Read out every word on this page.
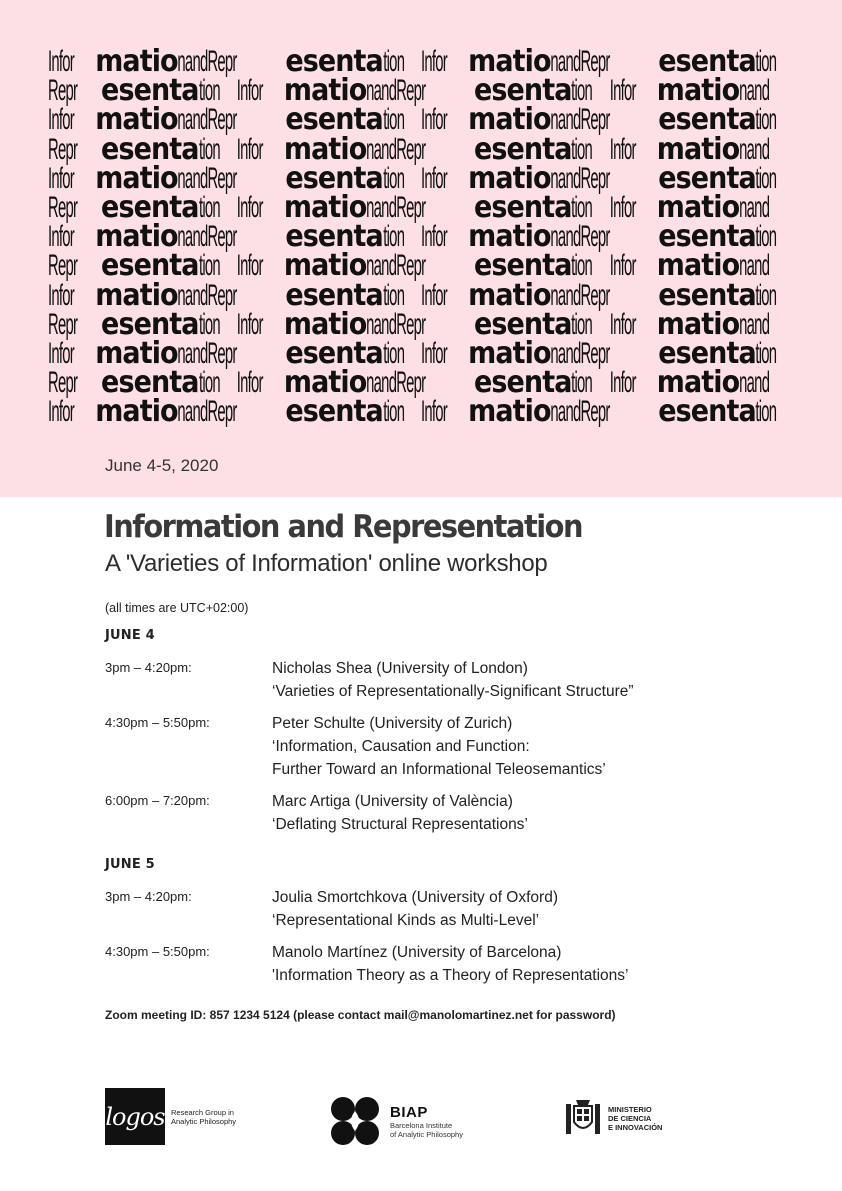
Infor matio nandRepr esenta tion Infor matio nandRepr esenta tion
Repr esenta tion Infor matio nandRepr esenta tion Infor matio nand
Infor matio nandRepr esenta tion Infor matio nandRepr esenta tion
Repr esenta tion Infor matio nandRepr esenta tion Infor matio nand
Infor matio nandRepr esenta tion Infor matio nandRepr esenta tion
Repr esenta tion Infor matio nandRepr esenta tion Infor matio nand
Infor matio nandRepr esenta tion Infor matio nandRepr esenta tion
Repr esenta tion Infor matio nandRepr esenta tion Infor matio nand
Infor matio nandRepr esenta tion Infor matio nandRepr esenta tion
Repr esenta tion Infor matio nandRepr esenta tion Infor matio nand
Infor matio nandRepr esenta tion Infor matio nandRepr esenta tion
Repr esenta tion Infor matio nandRepr esenta tion Infor matio nand
Infor matio nandRepr esenta tion Infor matio nandRepr esenta tion
June 4-5, 2020
Information and Representation
A 'Varieties of Information' online workshop
(all times are UTC+02:00)
JUNE 4
3pm – 4:20pm:	Nicholas Shea (University of London)
‘Varieties of Representationally-Significant Structure”
4:30pm – 5:50pm:	Peter Schulte (University of Zurich)
‘Information, Causation and Function:
Further Toward an Informational Teleosemantics’
6:00pm – 7:20pm:	Marc Artiga (University of València)
‘Deflating Structural Representations’
JUNE 5
3pm – 4:20pm:	Joulia Smortchkova (University of Oxford)
‘Representational Kinds as Multi-Level’
4:30pm – 5:50pm:	Manolo Martínez (University of Barcelona)
'Information Theory as a Theory of Representations’
Zoom meeting ID: 857 1234 5124 (please contact mail@manolomartinez.net for password)
logos Research Group in
Analytic Philosophy
BIAP
Barcelona Institute
of Analytic Philosophy
MINISTERIO
DE CIENCIA
E INNOVACIÓN
